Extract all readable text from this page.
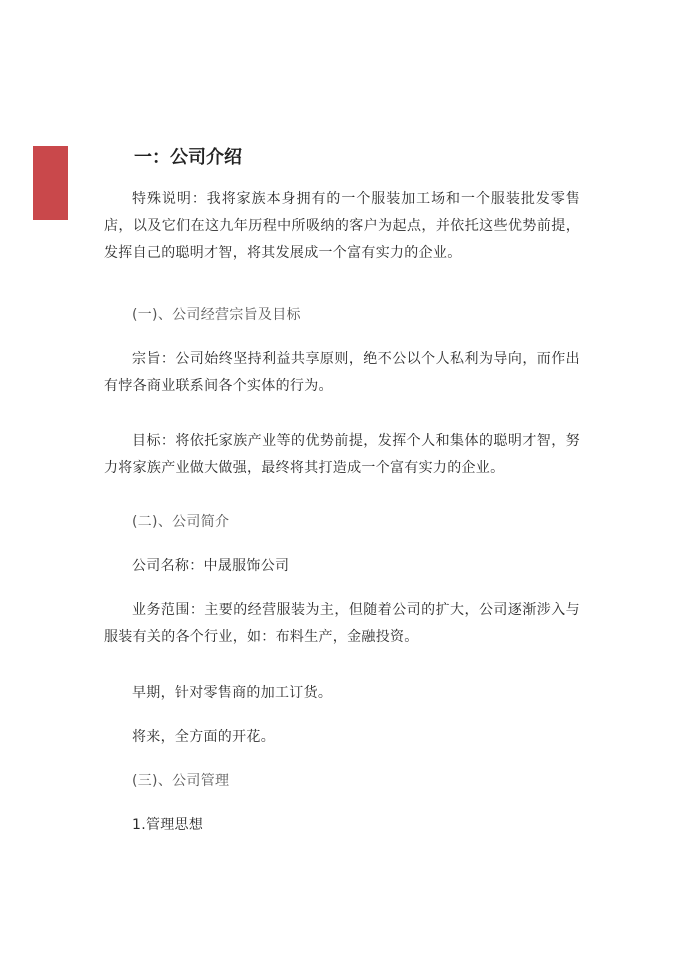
一：公司介绍

特殊说明：我将家族本身拥有的一个服装加工场和一个服装批发零售店，以及它们在这九年历程中所吸纳的客户为起点，并依托这些优势前提，发挥自己的聪明才智，将其发展成一个富有实力的企业。

(一)、公司经营宗旨及目标

宗旨：公司始终坚持利益共享原则，绝不公以个人私利为导向，而作出有悖各商业联系间各个实体的行为。

目标：将依托家族产业等的优势前提，发挥个人和集体的聪明才智，努力将家族产业做大做强，最终将其打造成一个富有实力的企业。

(二)、公司简介

公司名称：中晟服饰公司

业务范围：主要的经营服装为主，但随着公司的扩大，公司逐渐涉入与服装有关的各个行业，如：布料生产，金融投资。

早期，针对零售商的加工订货。

将来，全方面的开花。

(三)、公司管理

1.管理思想
